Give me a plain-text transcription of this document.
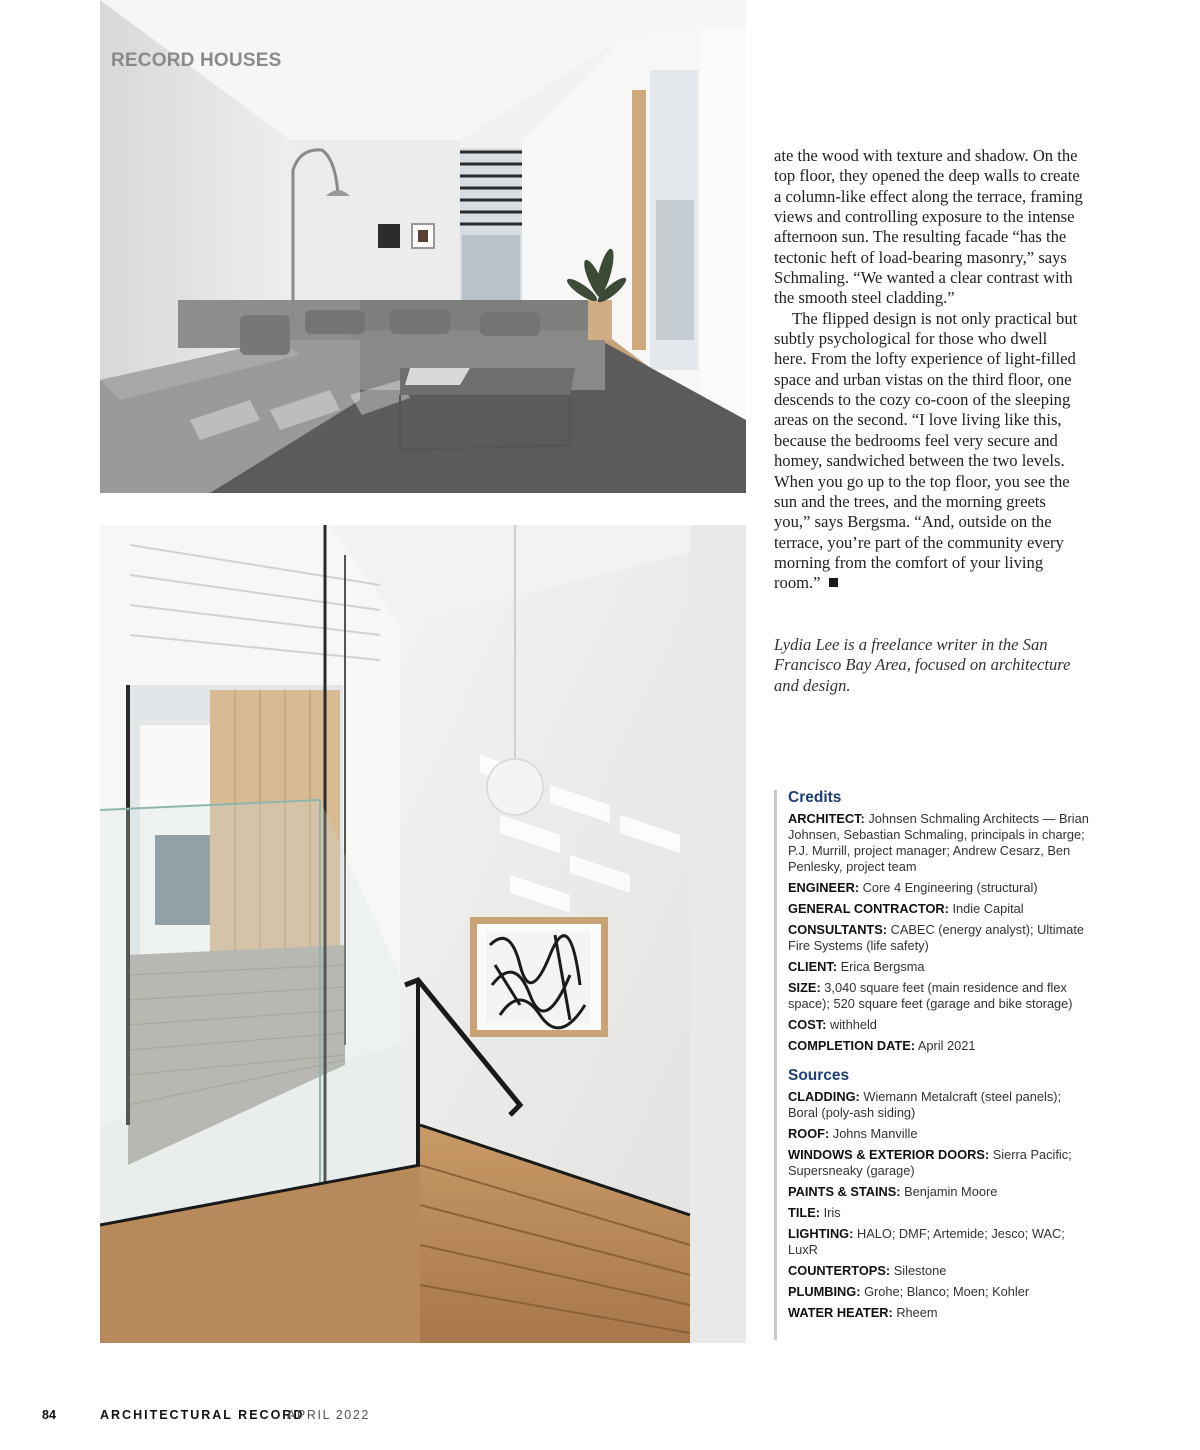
RECORD HOUSES

ate the wood with texture and shadow. On the top floor, they opened the deep walls to create a column-like effect along the terrace, framing views and controlling exposure to the intense afternoon sun. The resulting facade “has the tectonic heft of load-bearing masonry,” says Schmaling. “We wanted a clear contrast with the smooth steel cladding.”

The flipped design is not only practical but subtly psychological for those who dwell here. From the lofty experience of light-filled space and urban vistas on the third floor, one descends to the cozy co-coon of the sleeping areas on the second. “I love living like this, because the bedrooms feel very secure and homey, sandwiched between the two levels. When you go up to the top floor, you see the sun and the trees, and the morning greets you,” says Bergsma. “And, outside on the terrace, you’re part of the community every morning from the comfort of your living room.”

Lydia Lee is a freelance writer in the San Francisco Bay Area, focused on architecture and design.
Credits
ARCHITECT: Johnsen Schmaling Architects — Brian Johnsen, Sebastian Schmaling, principals in charge; P.J. Murrill, project manager; Andrew Cesarz, Ben Penlesky, project team
ENGINEER: Core 4 Engineering (structural)
GENERAL CONTRACTOR: Indie Capital
CONSULTANTS: CABEC (energy analyst); Ultimate Fire Systems (life safety)
CLIENT: Erica Bergsma
SIZE: 3,040 square feet (main residence and flex space); 520 square feet (garage and bike storage)
COST: withheld
COMPLETION DATE: April 2021
Sources
CLADDING: Wiemann Metalcraft (steel panels); Boral (poly-ash siding)
ROOF: Johns Manville
WINDOWS & EXTERIOR DOORS: Sierra Pacific; Supersneaky (garage)
PAINTS & STAINS: Benjamin Moore
TILE: Iris
LIGHTING: HALO; DMF; Artemide; Jesco; WAC; LuxR
COUNTERTOPS: Silestone
PLUMBING: Grohe; Blanco; Moen; Kohler
WATER HEATER: Rheem
84	ARCHITECTURAL RECORD
APRIL 2022
